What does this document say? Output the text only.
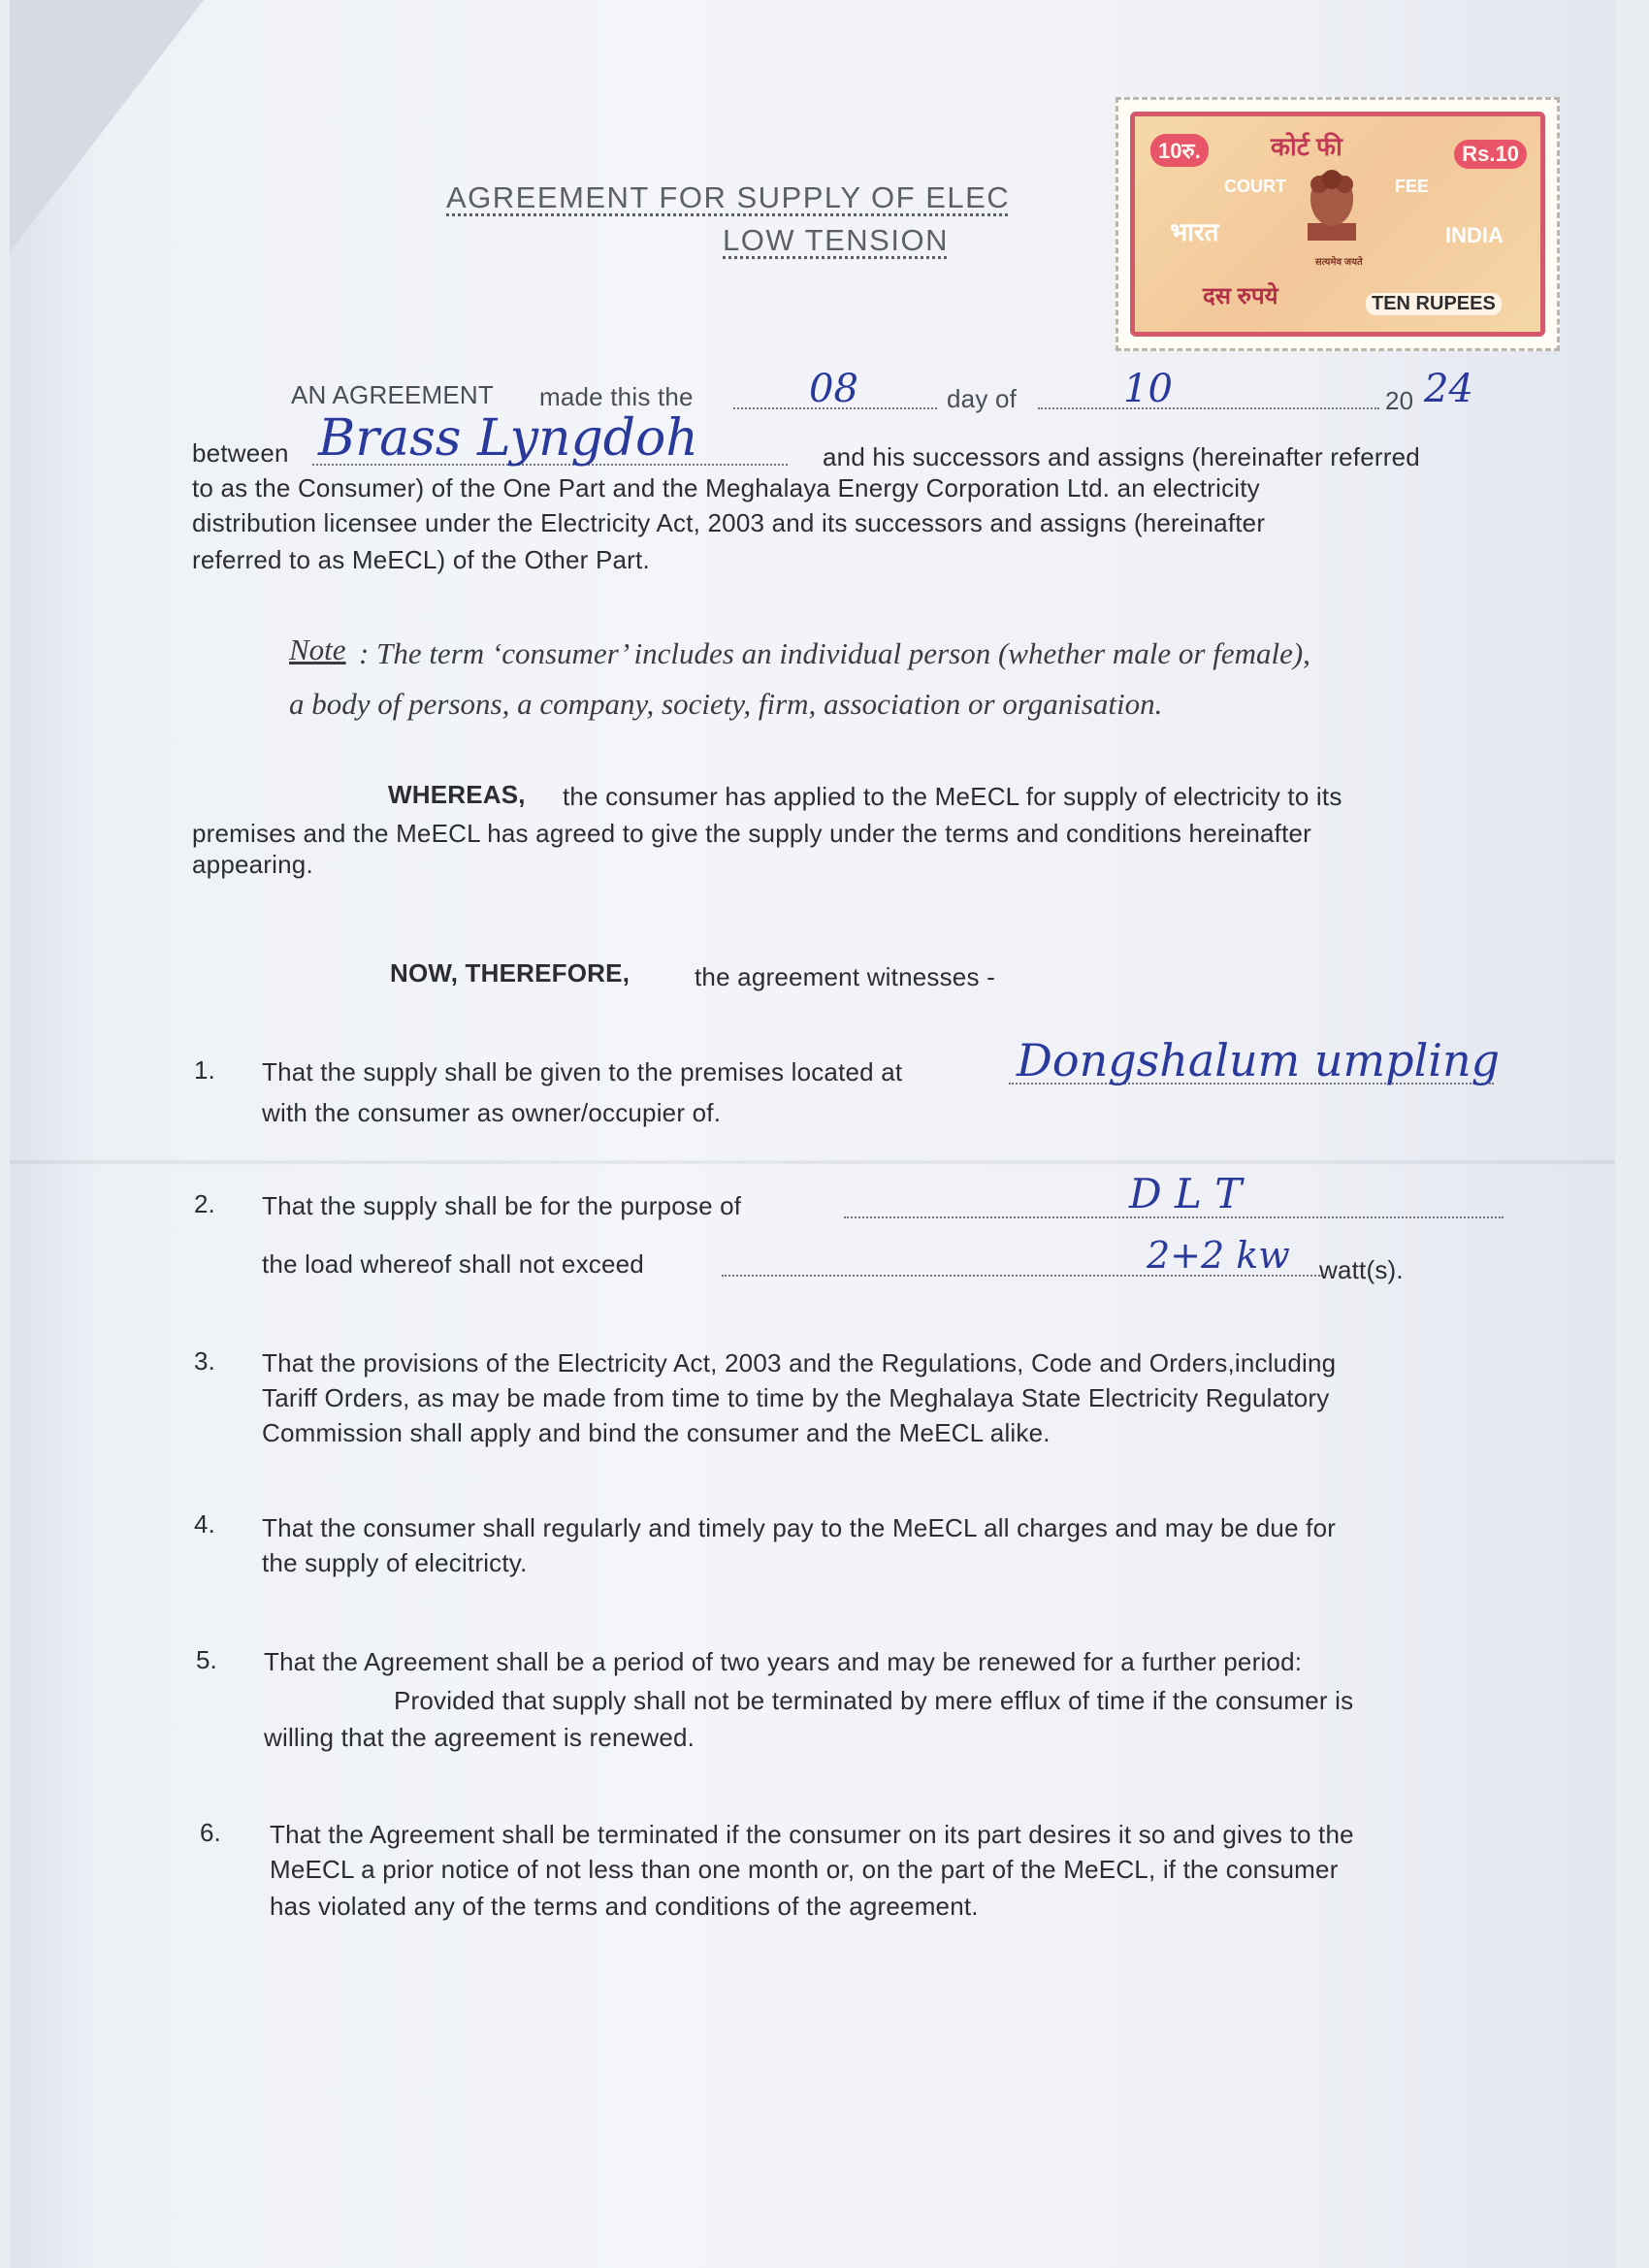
AGREEMENT FOR SUPPLY OF ELEC
LOW TENSION
10रु.	Rs.10
कोर्ट फी
COURT	FEE
भारत	INDIA
सत्यमेव जयते
दस रुपये	TEN RUPEES
AN AGREEMENT made this the	08	day of	10	20 24
between Brass Lyngdoh	and his successors and assigns (hereinafter referred
to as the Consumer) of the One Part and the Meghalaya Energy Corporation Ltd. an electricity
distribution licensee under the Electricity Act, 2003 and its successors and assigns (hereinafter
referred to as MeECL) of the Other Part.
Note : The term ‘consumer’ includes an individual person (whether male or female),
a body of persons, a company, society, firm, association or organisation.
WHEREAS, the consumer has applied to the MeECL for supply of electricity to its
premises and the MeECL has agreed to give the supply under the terms and conditions hereinafter
appearing.
NOW, THEREFORE,	the agreement witnesses -
1. That the supply shall be given to the premises located at	Dongshalum umpling
with the consumer as owner/occupier of.
2. That the supply shall be for the purpose of	D L T
the load whereof shall not exceed	2+2 kw watt(s).
3. That the provisions of the Electricity Act, 2003 and the Regulations, Code and Orders,including
Tariff Orders, as may be made from time to time by the Meghalaya State Electricity Regulatory
Commission shall apply and bind the consumer and the MeECL alike.
4. That the consumer shall regularly and timely pay to the MeECL all charges and may be due for
the supply of elecitricty.
5. That the Agreement shall be a period of two years and may be renewed for a further period:
Provided that supply shall not be terminated by mere efflux of time if the consumer is
willing that the agreement is renewed.
6. That the Agreement shall be terminated if the consumer on its part desires it so and gives to the
MeECL a prior notice of not less than one month or, on the part of the MeECL, if the consumer
has violated any of the terms and conditions of the agreement.
